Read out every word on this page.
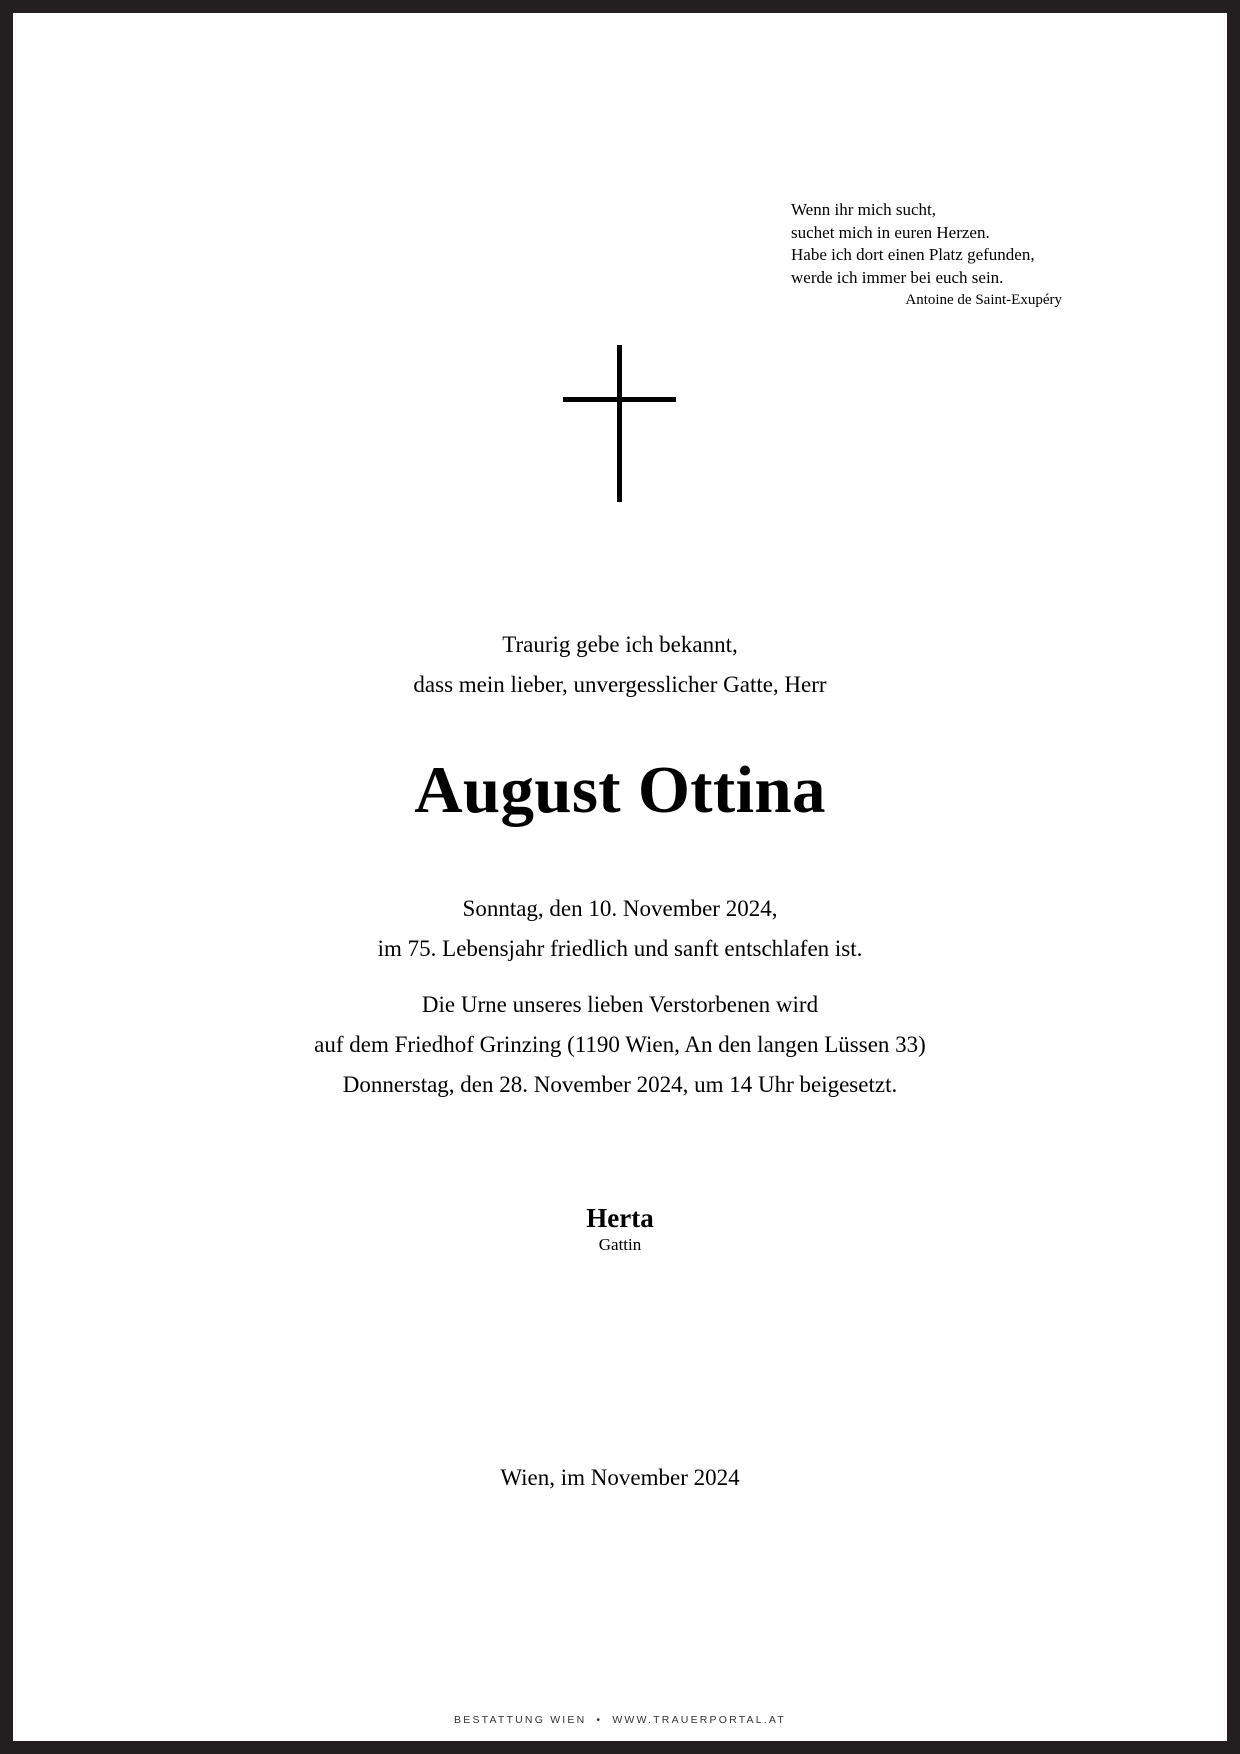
Wenn ihr mich sucht,
suchet mich in euren Herzen.
Habe ich dort einen Platz gefunden,
werde ich immer bei euch sein.
Antoine de Saint-Exupéry
Traurig gebe ich bekannt,
dass mein lieber, unvergesslicher Gatte, Herr
August Ottina
Sonntag, den 10. November 2024,
im 75. Lebensjahr friedlich und sanft entschlafen ist.
Die Urne unseres lieben Verstorbenen wird
auf dem Friedhof Grinzing (1190 Wien, An den langen Lüssen 33)
Donnerstag, den 28. November 2024, um 14 Uhr beigesetzt.
Herta
Gattin
Wien, im November 2024
BESTATTUNG WIEN • WWW.TRAUERPORTAL.AT
